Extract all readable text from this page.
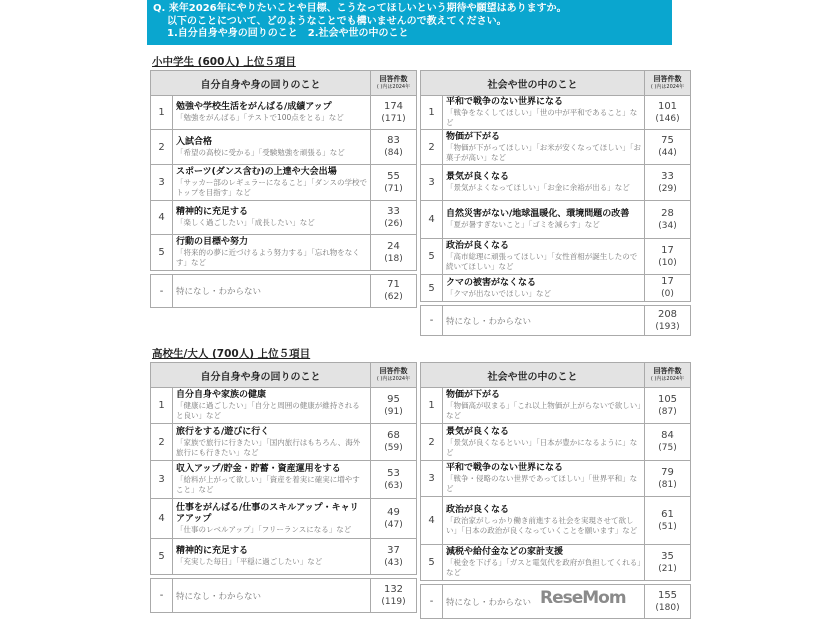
Q. 来年2026年にやりたいことや目標、こうなってほしいという期待や願望はありますか。
以下のことについて、どのようなことでも構いませんので教えてください。
1.自分自身や身の回りのこと　2.社会や世の中のこと
小中学生 (600人) 上位５項目
自分自身や身の回りのこと		回答件数
( )内は2024年

1	勉強や学校生活をがんばる/成績アップ
「勉強をがんばる」「テストで100点をとる」など	174
(171)

2	入試合格
「希望の高校に受かる」「受験勉強を頑張る」など	83
(84)

3	スポーツ(ダンス含む)の上達や大会出場
「サッカー部のレギュラーになること」「ダンスの学校でトップを目指す」など	55
(71)

4	精神的に充足する
「楽しく過ごしたい」「成長したい」など	33
(26)

5	行動の目標や努力
「将来的の夢に近づけるよう努力する」「忘れ物をなくす」など	24
(18)

-	特になし・わからない	71
(62)
社会や世の中のこと		回答件数
( )内は2024年

1	平和で戦争のない世界になる
「戦争をなくしてほしい」「世の中が平和であること」など	101
(146)

2	物価が下がる
「物価が下がってほしい」「お米が安くなってほしい」「お菓子が高い」など	75
(44)

3	景気が良くなる
「景気がよくなってほしい」「お金に余裕が出る」など	33
(29)

4	自然災害がない/地球温暖化、環境問題の改善
「夏が暑すぎないこと」「ゴミを減らす」など	28
(34)

5	政治が良くなる
「高市総理に頑張ってほしい」「女性首相が誕生したので続いてほしい」など	17
(10)

5	クマの被害がなくなる
「クマが出ないでほしい」など	17
(0)

-	特になし・わからない	208
(193)
高校生/大人 (700人) 上位５項目
自分自身や身の回りのこと		回答件数
( )内は2024年

1	自分自身や家族の健康
「健康に過ごしたい」「自分と周囲の健康が維持されると良い」など	95
(91)

2	旅行をする/遊びに行く
「家族で旅行に行きたい」「国内旅行はもちろん、海外旅行にも行きたい」など	68
(59)

3	収入アップ/貯金・貯蓄・資産運用をする
「給料が上がって欲しい」「資産を着実に確実に増やすこと」など	53
(63)

4	仕事をがんばる/仕事のスキルアップ・キャリアアップ
「仕事のレベルアップ」「フリーランスになる」など	49
(47)

5	精神的に充足する
「充実した毎日」「平穏に過ごしたい」など	37
(43)

-	特になし・わからない	132
(119)
社会や世の中のこと		回答件数
( )内は2024年

1	物価が下がる
「物価高が収まる」「これ以上物価が上がらないで欲しい」など	105
(87)

2	景気が良くなる
「景気が良くなるといい」「日本が豊かになるように」など	84
(75)

3	平和で戦争のない世界になる
「戦争・侵略のない世界であってほしい」「世界平和」など	79
(81)

4	政治が良くなる
「政治家がしっかり働き前進する社会を実現させて欲しい」「日本の政治が良くなっていくことを願います」など	61
(51)

5	減税や給付金などの家計支援
「税金を下げる」「ガスと電気代を政府が負担してくれる」など	35
(21)

-	特になし・わからない	155
(180)
ReseMom
